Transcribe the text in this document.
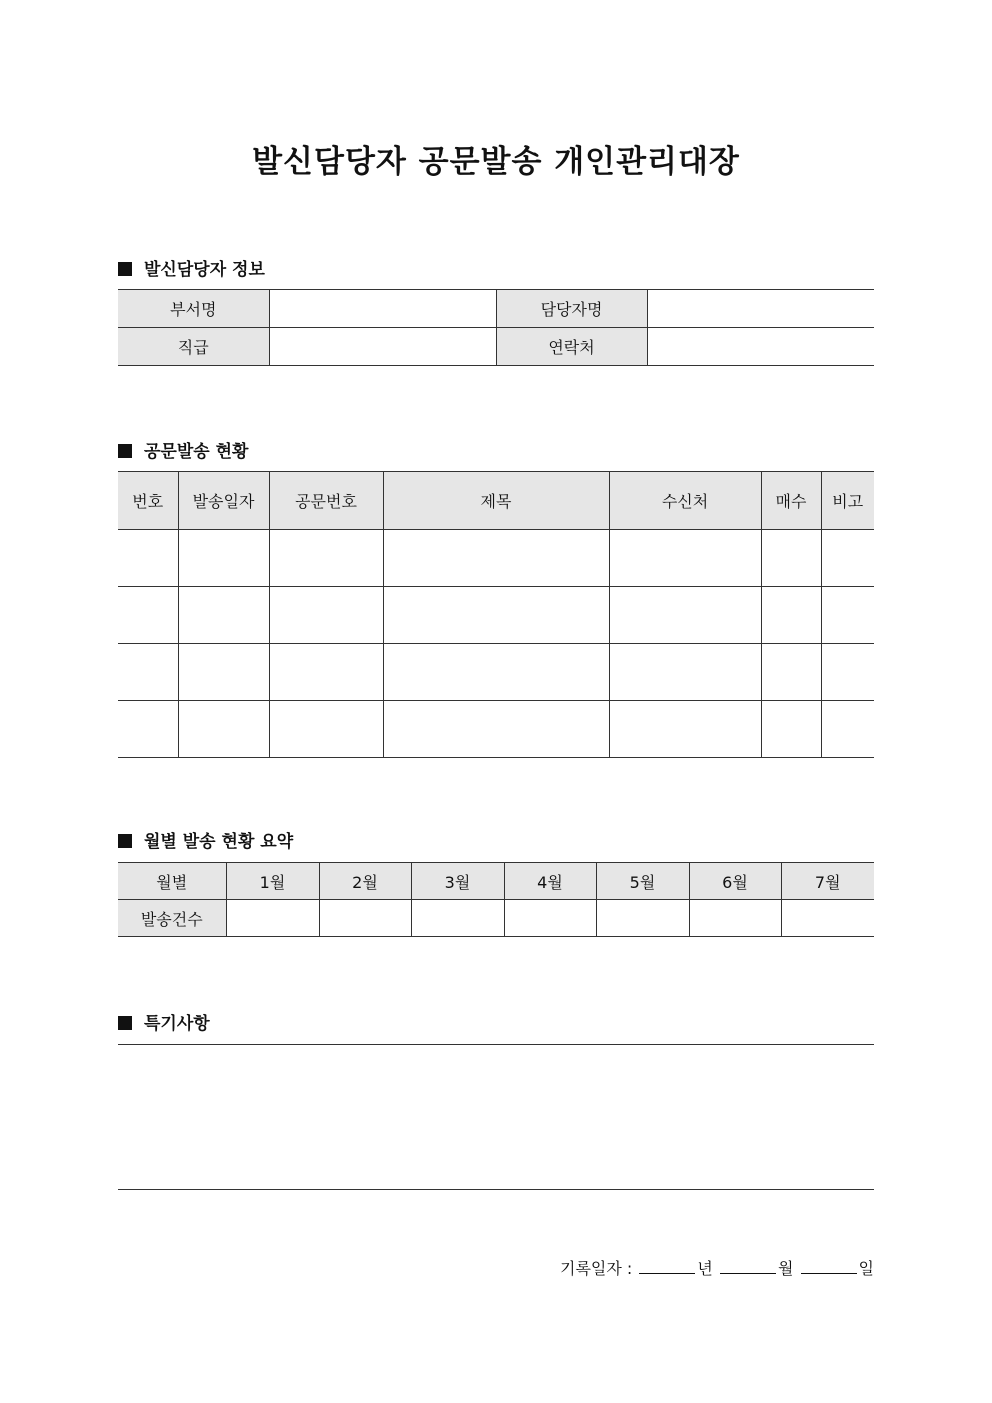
발신담당자 공문발송 개인관리대장
발신담당자 정보
부서명		담당자명	
직급		연락처	
공문발송 현황
번호	발송일자	공문번호	제목	수신처	매수	비고

월별 발송 현황 요약
월별	1월	2월	3월	4월	5월	6월	7월
발송건수							
특기사항
기록일자 :	년	월	일
